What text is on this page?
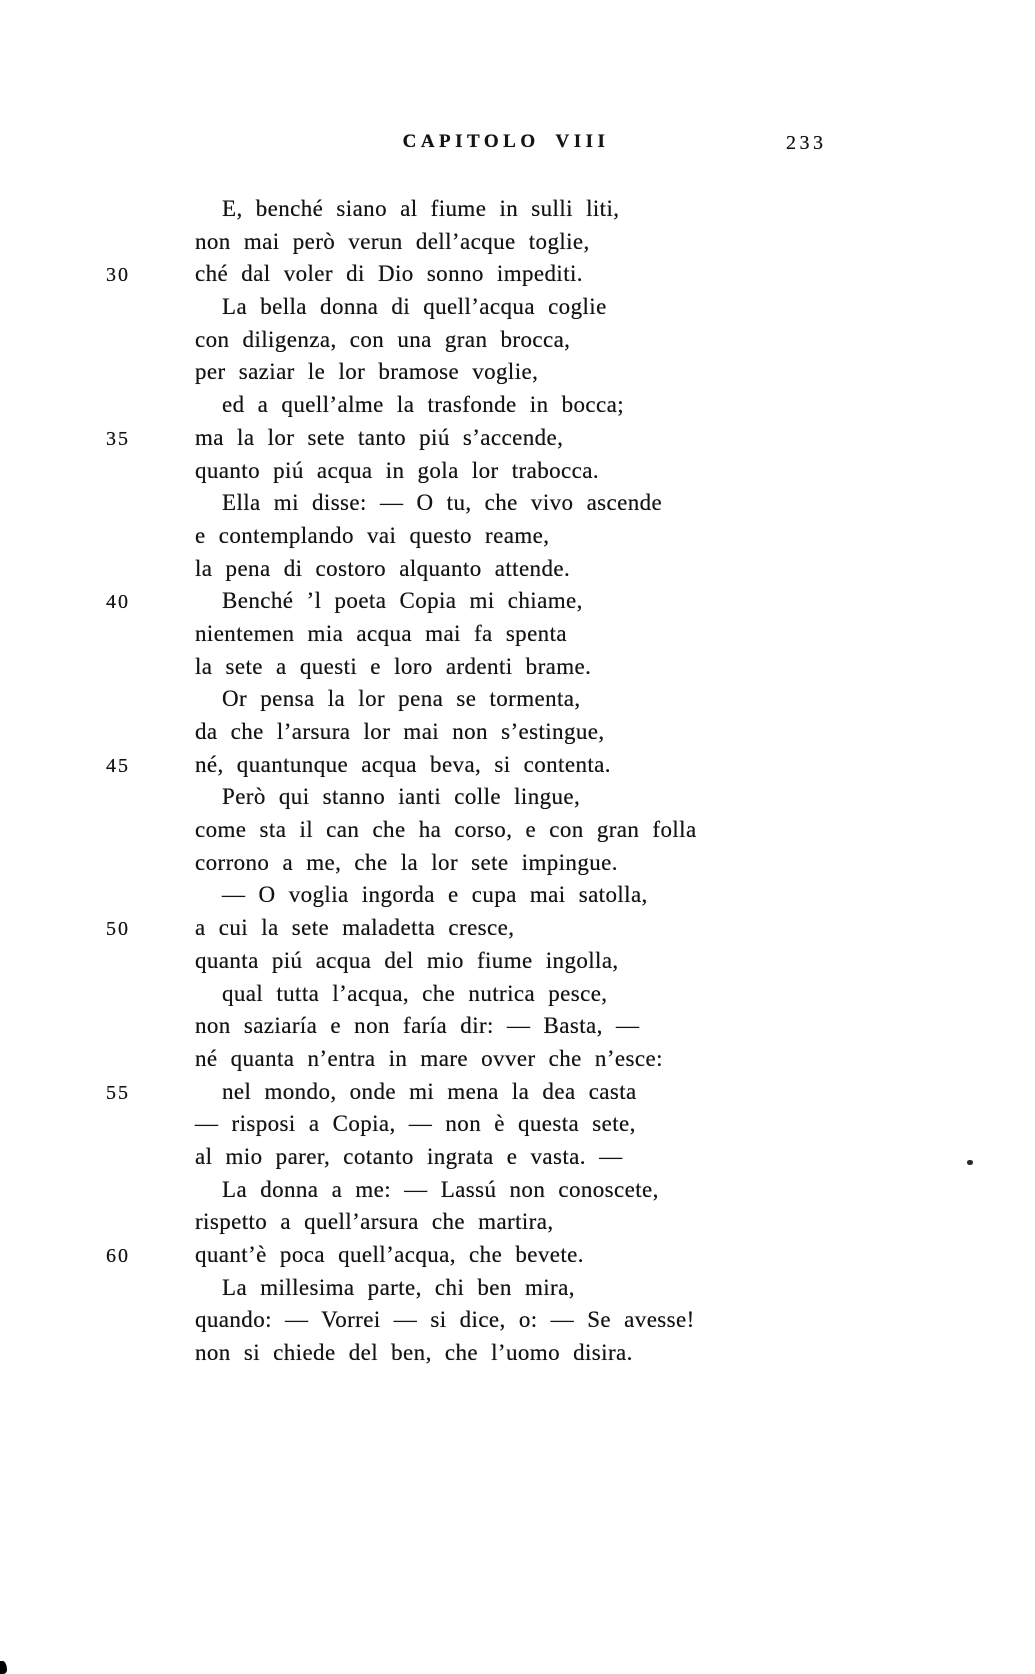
CAPITOLO VIII	233
E, benché siano al fiume in sulli liti,
non mai però verun dell’acque toglie,
30	ché dal voler di Dio sonno impediti.
La bella donna di quell’acqua coglie
con diligenza, con una gran brocca,
per saziar le lor bramose voglie,
ed a quell’alme la trasfonde in bocca;
35	ma la lor sete tanto piú s’accende,
quanto piú acqua in gola lor trabocca.
Ella mi disse: — O tu, che vivo ascende
e contemplando vai questo reame,
la pena di costoro alquanto attende.
40	Benché ’l poeta Copia mi chiame,
nientemen mia acqua mai fa spenta
la sete a questi e loro ardenti brame.
Or pensa la lor pena se tormenta,
da che l’arsura lor mai non s’estingue,
45	né, quantunque acqua beva, si contenta.
Però qui stanno ianti colle lingue,
come sta il can che ha corso, e con gran folla
corrono a me, che la lor sete impingue.
— O voglia ingorda e cupa mai satolla,
50	a cui la sete maladetta cresce,
quanta piú acqua del mio fiume ingolla,
qual tutta l’acqua, che nutrica pesce,
non saziaría e non faría dir: — Basta, —
né quanta n’entra in mare ovver che n’esce:
55	nel mondo, onde mi mena la dea casta
— risposi a Copia, — non è questa sete,
al mio parer, cotanto ingrata e vasta. —
La donna a me: — Lassú non conoscete,
rispetto a quell’arsura che martira,
60	quant’è poca quell’acqua, che bevete.
La millesima parte, chi ben mira,
quando: — Vorrei — si dice, o: — Se avesse!
non si chiede del ben, che l’uomo disira.
